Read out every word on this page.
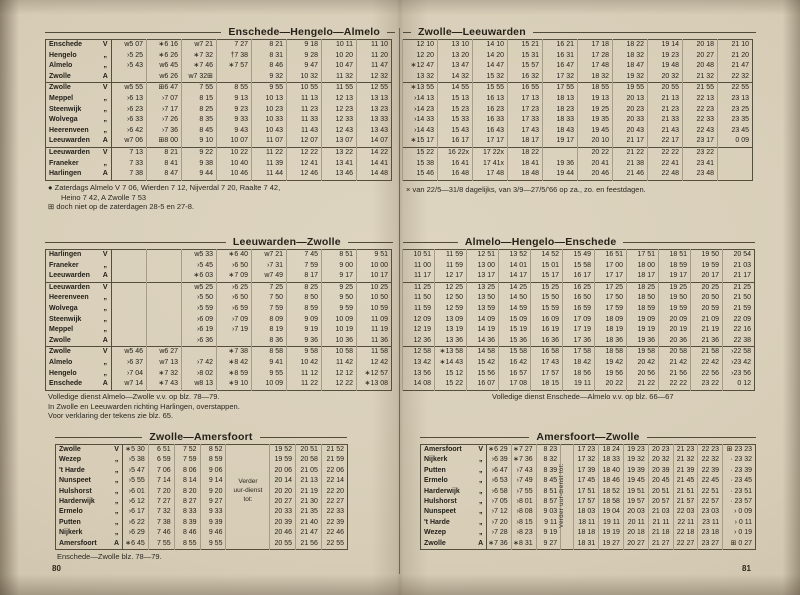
Enschede—Hengelo—Almelo	Zwolle—Leeuwarden
Enschede	V	w5 07	∗6 16	w7 21	7 27	8 21	9 18	10 11	11 10
Hengelo	„	›5 25	∗6 26	∗7 32	†7 38	8 31	9 28	10 20	11 20
Almelo	„	›5 43	w6 45	∗7 46	∗7 57	8 46	9 47	10 47	11 47
Zwolle	A		w6 26	w7 32⊞		9 32	10 32	11 32	12 32
Zwolle	V	w5 55	⊞6 47	7 55	8 55	9 55	10 55	11 55	12 55
Meppel	„	›6 13	›7 07	8 15	9 13	10 13	11 13	12 13	13 13
Steenwijk	„	›6 23	›7 17	8 25	9 23	10 23	11 23	12 23	13 23
Wolvega	„	›6 33	›7 26	8 35	9 33	10 33	11 33	12 33	13 33
Heerenveen	„	›6 42	›7 36	8 45	9 43	10 43	11 43	12 43	13 43
Leeuwarden	A	w7 06	⊞8 00	9 10	10 07	11 07	12 07	13 07	14 07
Leeuwarden	V	7 13	8 21	9 22	10 22	11 22	12 22	13 22	14 22
Franeker	„	7 33	8 41	9 38	10 40	11 39	12 41	13 41	14 41
Harlingen	A	7 38	8 47	9 44	10 46	11 44	12 46	13 46	14 48
12 10	13 10	14 10	15 21	16 21	17 18	18 22	19 14	20 18	21 10
12 20	13 20	14 20	15 31	16 31	17 28	18 32	19 23	20 27	21 20
∗12 47	13 47	14 47	15 57	16 47	17 48	18 47	19 48	20 48	21 47
13 32	14 32	15 32	16 32	17 32	18 32	19 32	20 32	21 32	22 32
∗13 55	14 55	15 55	16 55	17 55	18 55	19 55	20 55	21 55	22 55
›14 13	15 13	16 13	17 13	18 13	19 13	20 13	21 13	22 13	23 13
›14 23	15 23	16 23	17 23	18 23	19 25	20 23	21 23	22 23	23 25
›14 33	15 33	16 33	17 33	18 33	19 35	20 33	21 33	22 33	23 35
›14 43	15 43	16 43	17 43	18 43	19 45	20 43	21 43	22 43	23 45
∗15 17	16 17	17 17	18 17	19 17	20 10	21 17	22 17	23 17	0 09
15 22	16 22x	17 22x	18 22		20 22	21 22	22 22	23 22	
15 38	16 41	17 41x	18 41	19 36	20 41	21 38	22 41	23 41	
15 46	16 48	17 48	18 48	19 44	20 46	21 46	22 48	23 48	
● Zaterdags Almelo V 7 06, Wierden 7 12, Nijverdal 7 20, Raalte 7 42,
Heino 7 42, A Zwolle 7 53
⊞ doch niet op de zaterdagen 28-5 en 27-8.
× van 22/5—31/8 dagelijks, van 3/9—27/5/'66 op za., zo. en feestdagen.
Leeuwarden—Zwolle	Almelo—Hengelo—Enschede
Harlingen	V			w5 33	∗6 40	w7 21	7 45	8 51	9 51
Franeker	„			›5 45	›6 50	›7 31	7 59	9 00	10 00
Leeuwarden	A			∗6 03	∗7 09	w7 49	8 17	9 17	10 17
Leeuwarden	V			w5 25	›6 25	7 25	8 25	9 25	10 25
Heerenveen	„			›5 50	›6 50	7 50	8 50	9 50	10 50
Wolvega	„			›5 59	›6 59	7 59	8 59	9 59	10 59
Steenwijk	„			›6 09	›7 09	8 09	9 09	10 09	11 09
Meppel	„			›6 19	›7 19	8 19	9 19	10 19	11 19
Zwolle	A			›6 36		8 36	9 36	10 36	11 36
Zwolle	V	w5 46	w6 27		∗7 38	8 58	9 58	10 58	11 58
Almelo	„	›6 37	w7 13	›7 42	∗8 42	9 41	10 42	11 42	12 42
Hengelo	„	›7 04	∗7 32	›8 02	∗8 59	9 55	11 12	12 12	∗12 57
Enschede	A	w7 14	∗7 43	w8 13	∗9 10	10 09	11 22	12 22	∗13 08
10 51	11 59	12 51	13 52	14 52	15 49	16 51	17 51	18 51	19 50	20 54
11 00	11 59	13 00	14 01	15 01	15 58	17 00	18 00	18 59	19 59	21 03
11 17	12 17	13 17	14 17	15 17	16 17	17 17	18 17	19 17	20 17	21 17
11 25	12 25	13 25	14 25	15 25	16 25	17 25	18 25	19 25	20 25	21 25
11 50	12 50	13 50	14 50	15 50	16 50	17 50	18 50	19 50	20 50	21 50
11 59	12 59	13 59	14 59	15 59	16 59	17 59	18 59	19 59	20 59	21 59
12 09	13 09	14 09	15 09	16 09	17 09	18 09	19 09	20 09	21 09	22 09
12 19	13 19	14 19	15 19	16 19	17 19	18 19	19 19	20 19	21 19	22 16
12 36	13 36	14 36	15 36	16 36	17 36	18 36	19 36	20 36	21 36	22 38
12 58	∗13 58	14 58	15 58	16 58	17 58	18 58	19 58	20 58	21 58	›22 58
13 42	∗14 43	15 42	16 42	17 43	18 42	19 42	20 42	21 42	22 42	›23 42
13 56	15 12	15 56	16 57	17 57	18 56	19 56	20 56	21 56	22 56	›23 56
14 08	15 22	16 07	17 08	18 15	19 11	20 22	21 22	22 22	23 22	0 12
Volledige dienst Almelo—Zwolle v.v. op blz. 78—79.
In Zwolle en Leeuwarden richting Harlingen, overstappen.
Voor verklaring der tekens zie blz. 65.
Volledige dienst Enschede—Almelo v.v. op blz. 66—67
Zwolle—Amersfoort	Amersfoort—Zwolle
Verder
uur-dienst
tot:
Zwolle	V	∗5 30	6 51	7 52	8 52		19 52	20 51	21 52
Wezep	„	›5 38	6 59	7 59	8 59		19 59	20 58	21 59
't Harde	„	›5 47	7 06	8 06	9 06		20 06	21 05	22 06
Nunspeet	„	›5 55	7 14	8 14	9 14		20 14	21 13	22 14
Hulshorst	„	›6 01	7 20	8 20	9 20		20 20	21 19	22 20
Harderwijk	„	›6 12	7 27	8 27	9 27		20 27	21 30	22 27
Ermelo	„	›6 17	7 32	8 33	9 33		20 33	21 35	22 33
Putten	„	›6 22	7 38	8 39	9 39		20 39	21 40	22 39
Nijkerk	„	›6 29	7 46	8 46	9 46		20 46	21 47	22 46
Amersfoort	A	∗6 45	7 55	8 55	9 55		20 55	21 56	22 55
Verder uur-dienst tot:
Amersfoort	V	∗6 29	∗7 27	8 23		17 23	18 24	19 23	20 23	21 23	22 23	⊞ 23 23
Nijkerk	„	›6 39	∗7 36	8 32		17 32	18 33	19 32	20 32	21 32	22 32	· 23 32
Putten	„	›6 47	›7 43	8 39		17 39	18 40	19 39	20 39	21 39	22 39	· 23 39
Ermelo	„	›6 53	›7 49	8 45		17 45	18 46	19 45	20 45	21 45	22 45	· 23 45
Harderwijk	„	›6 58	›7 55	8 51		17 51	18 52	19 51	20 51	21 51	22 51	· 23 51
Hulshorst	„	›7 05	›8 01	8 57		17 57	18 58	19 57	20 57	21 57	22 57	· 23 57
Nunspeet	„	›7 12	›8 08	9 03		18 03	19 04	20 03	21 03	22 03	23 03	› 0 09
't Harde	„	›7 20	›8 15	9 11		18 11	19 11	20 11	21 11	22 11	23 11	› 0 11
Wezep	„	›7 28	›8 23	9 19		18 18	19 19	20 18	21 18	22 18	23 18	› 0 19
Zwolle	A	∗7 36	∗8 31	9 27		18 31	19 27	20 27	21 27	22 27	23 27	⊞ 0 27
Enschede—Zwolle blz. 78—79.
80	81
